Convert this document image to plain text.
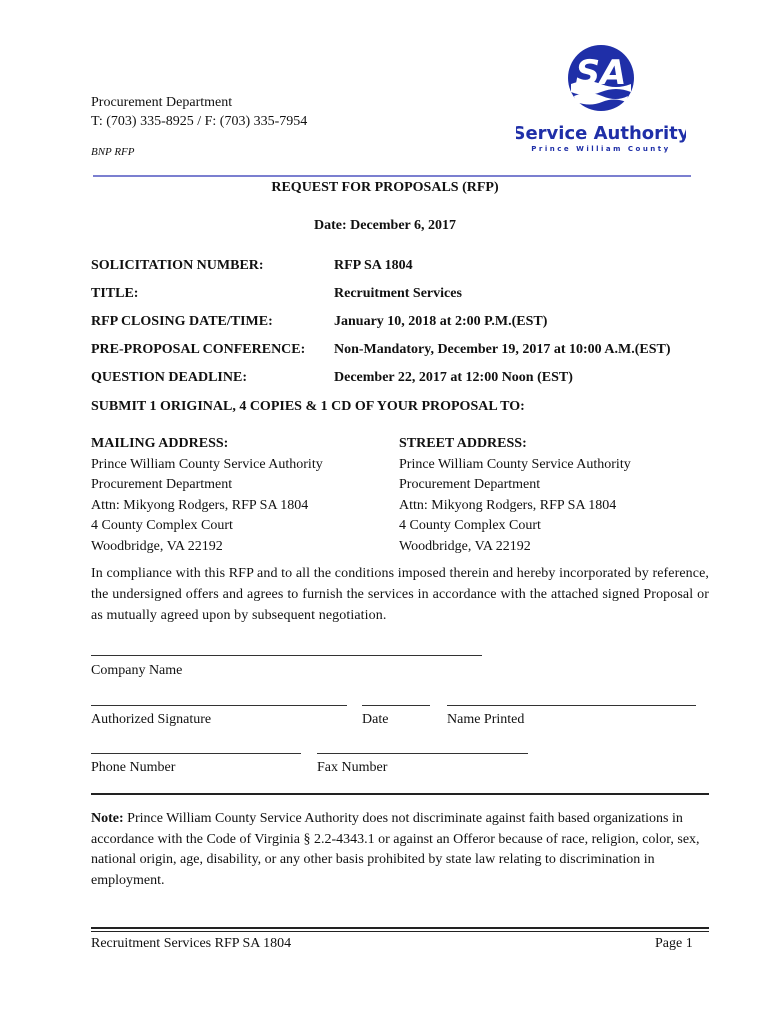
Procurement Department
T: (703) 335-8925 / F: (703) 335-7954
BNP RFP
SA
Service Authority
Prince William County
REQUEST FOR PROPOSALS (RFP)
Date: December 6, 2017
SOLICITATION NUMBER:	RFP SA 1804
TITLE:	Recruitment Services
RFP CLOSING DATE/TIME:	January 10, 2018 at 2:00 P.M.(EST)
PRE-PROPOSAL CONFERENCE: Non-Mandatory, December 19, 2017 at 10:00 A.M.(EST)
QUESTION DEADLINE:	December 22, 2017 at 12:00 Noon (EST)
SUBMIT 1 ORIGINAL, 4 COPIES & 1 CD OF YOUR PROPOSAL TO:
MAILING ADDRESS:
Prince William County Service Authority
Procurement Department
Attn: Mikyong Rodgers, RFP SA 1804
4 County Complex Court
Woodbridge, VA 22192
STREET ADDRESS:
Prince William County Service Authority
Procurement Department
Attn: Mikyong Rodgers, RFP SA 1804
4 County Complex Court
Woodbridge, VA 22192
In compliance with this RFP and to all the conditions imposed therein and hereby incorporated by reference, the undersigned offers and agrees to furnish the services in accordance with the attached signed Proposal or as mutually agreed upon by subsequent negotiation.
Company Name
Authorized Signature	Date	Name Printed
Phone Number	Fax Number
Note: Prince William County Service Authority does not discriminate against faith based organizations in accordance with the Code of Virginia § 2.2-4343.1 or against an Offeror because of race, religion, color, sex, national origin, age, disability, or any other basis prohibited by state law relating to discrimination in employment.
Recruitment Services RFP SA 1804	Page 1
